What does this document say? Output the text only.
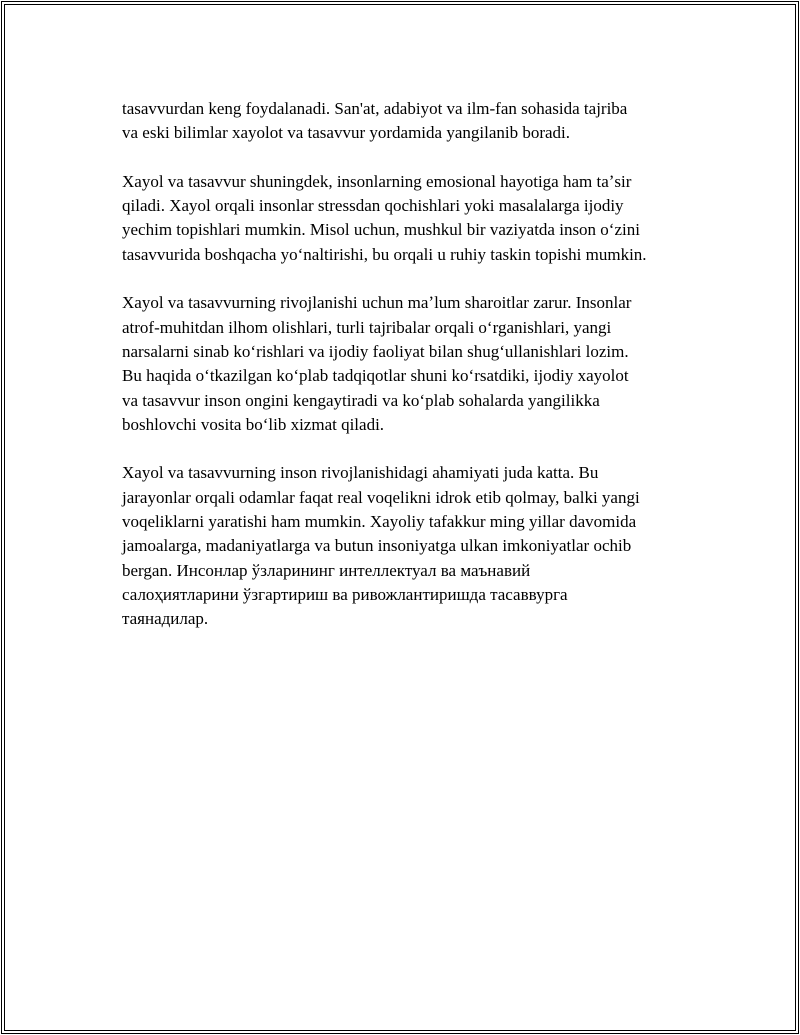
tasavvurdan keng foydalanadi. San'at, adabiyot va ilm-fan sohasida tajriba
va eski bilimlar xayolot va tasavvur yordamida yangilanib boradi.

Xayol va tasavvur shuningdek, insonlarning emosional hayotiga ham taʼsir
qiladi. Xayol orqali insonlar stressdan qochishlari yoki masalalarga ijodiy
yechim topishlari mumkin. Misol uchun, mushkul bir vaziyatda inson oʻzini
tasavvurida boshqacha yoʻnaltirishi, bu orqali u ruhiy taskin topishi mumkin.

Xayol va tasavvurning rivojlanishi uchun maʼlum sharoitlar zarur. Insonlar
atrof-muhitdan ilhom olishlari, turli tajribalar orqali oʻrganishlari, yangi
narsalarni sinab koʻrishlari va ijodiy faoliyat bilan shugʻullanishlari lozim.
Bu haqida oʻtkazilgan koʻplab tadqiqotlar shuni koʻrsatdiki, ijodiy xayolot
va tasavvur inson ongini kengaytiradi va koʻplab sohalarda yangilikka
boshlovchi vosita boʻlib xizmat qiladi.

Xayol va tasavvurning inson rivojlanishidagi ahamiyati juda katta. Bu
jarayonlar orqali odamlar faqat real voqelikni idrok etib qolmay, balki yangi
voqeliklarni yaratishi ham mumkin. Xayoliy tafakkur ming yillar davomida
jamoalarga, madaniyatlarga va butun insoniyatga ulkan imkoniyatlar ochib
bergan. Инсонлар ўзларининг интеллектуал ва маънавий
салоҳиятларини ўзгартириш ва ривожлантиришда тасаввурга
таянадилар.
